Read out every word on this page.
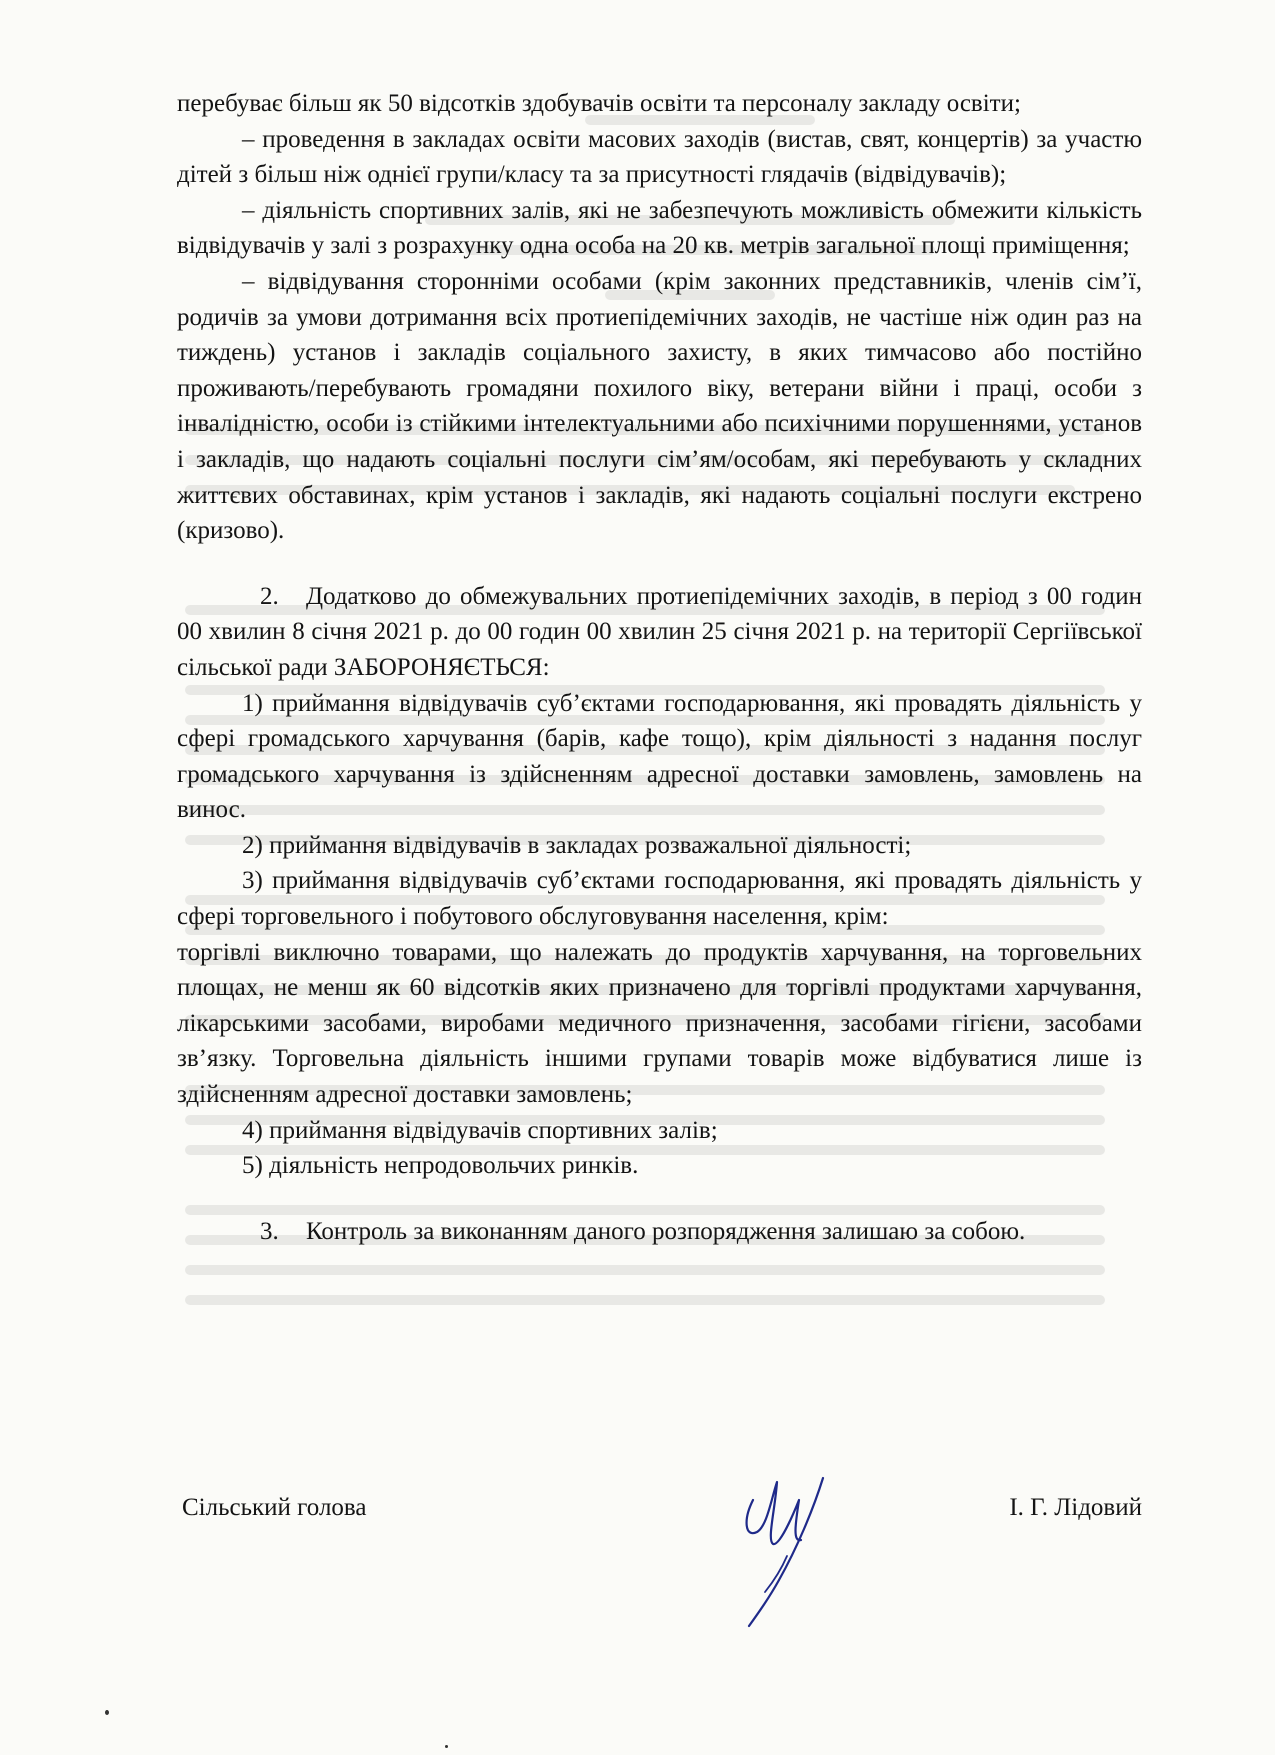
перебуває більш як 50 відсотків здобувачів освіти та персоналу закладу освіти;

– проведення в закладах освіти масових заходів (вистав, свят, концертів) за участю дітей з більш ніж однієї групи/класу та за присутності глядачів (відвідувачів);

– діяльність спортивних залів, які не забезпечують можливість обмежити кількість відвідувачів у залі з розрахунку одна особа на 20 кв. метрів загальної площі приміщення;

– відвідування сторонніми особами (крім законних представників, членів сім’ї, родичів за умови дотримання всіх протиепідемічних заходів, не частіше ніж один раз на тиждень) установ і закладів соціального захисту, в яких тимчасово або постійно проживають/перебувають громадяни похилого віку, ветерани війни і праці, особи з інвалідністю, особи із стійкими інтелектуальними або психічними порушеннями, установ і закладів, що надають соціальні послуги сім’ям/особам, які перебувають у складних життєвих обставинах, крім установ і закладів, які надають соціальні послуги екстрено (кризово).

2. Додатково до обмежувальних протиепідемічних заходів, в період з 00 годин 00 хвилин 8 січня 2021 р. до 00 годин 00 хвилин 25 січня 2021 р. на території Сергіївської сільської ради ЗАБОРОНЯЄТЬСЯ:

1) приймання відвідувачів суб’єктами господарювання, які провадять діяльність у сфері громадського харчування (барів, кафе тощо), крім діяльності з надання послуг громадського харчування із здійсненням адресної доставки замовлень, замовлень на винос.

2) приймання відвідувачів в закладах розважальної діяльності;

3) приймання відвідувачів суб’єктами господарювання, які провадять діяльність у сфері торговельного і побутового обслуговування населення, крім:

торгівлі виключно товарами, що належать до продуктів харчування, на торговельних площах, не менш як 60 відсотків яких призначено для торгівлі продуктами харчування, лікарськими засобами, виробами медичного призначення, засобами гігієни, засобами зв’язку. Торговельна діяльність іншими групами товарів може відбуватися лише із здійсненням адресної доставки замовлень;

4) приймання відвідувачів спортивних залів;

5) діяльність непродовольчих ринків.

3. Контроль за виконанням даного розпорядження залишаю за собою.

Сільський голова	І. Г. Лідовий
